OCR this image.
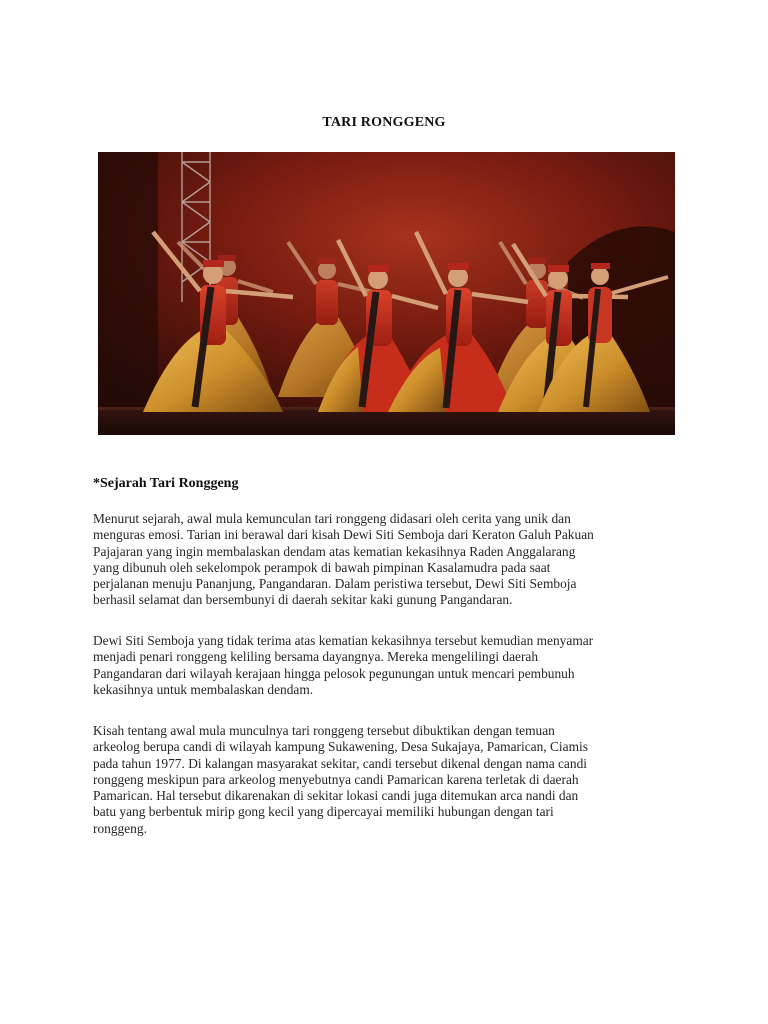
TARI RONGGENG
*Sejarah Tari Ronggeng
Menurut sejarah, awal mula kemunculan tari ronggeng didasari oleh cerita yang unik dan
menguras emosi. Tarian ini berawal dari kisah Dewi Siti Semboja dari Keraton Galuh Pakuan
Pajajaran yang ingin membalaskan dendam atas kematian kekasihnya Raden Anggalarang
yang dibunuh oleh sekelompok perampok di bawah pimpinan Kasalamudra pada saat
perjalanan menuju Pananjung, Pangandaran. Dalam peristiwa tersebut, Dewi Siti Semboja
berhasil selamat dan bersembunyi di daerah sekitar kaki gunung Pangandaran.
Dewi Siti Semboja yang tidak terima atas kematian kekasihnya tersebut kemudian menyamar
menjadi penari ronggeng keliling bersama dayangnya. Mereka mengelilingi daerah
Pangandaran dari wilayah kerajaan hingga pelosok pegunungan untuk mencari pembunuh
kekasihnya untuk membalaskan dendam.
Kisah tentang awal mula munculnya tari ronggeng tersebut dibuktikan dengan temuan
arkeolog berupa candi di wilayah kampung Sukawening, Desa Sukajaya, Pamarican, Ciamis
pada tahun 1977. Di kalangan masyarakat sekitar, candi tersebut dikenal dengan nama candi
ronggeng meskipun para arkeolog menyebutnya candi Pamarican karena terletak di daerah
Pamarican. Hal tersebut dikarenakan di sekitar lokasi candi juga ditemukan arca nandi dan
batu yang berbentuk mirip gong kecil yang dipercayai memiliki hubungan dengan tari
ronggeng.
